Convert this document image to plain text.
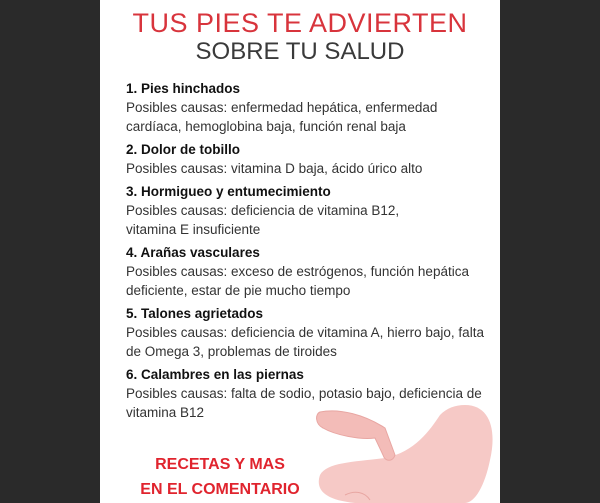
TUS PIES TE ADVIERTEN
SOBRE TU SALUD
1. Pies hinchados

Posibles causas: enfermedad hepática, enfermedad cardíaca, hemoglobina baja, función renal baja

2. Dolor de tobillo

Posibles causas: vitamina D baja, ácido úrico alto

3. Hormigueo y entumecimiento

Posibles causas: deficiencia de vitamina B12, vitamina E insuficiente

4. Arañas vasculares

Posibles causas: exceso de estrógenos, función hepática deficiente, estar de pie mucho tiempo

5. Talones agrietados

Posibles causas: deficiencia de vitamina A, hierro bajo, falta de Omega 3, problemas de tiroides

6. Calambres en las piernas

Posibles causas: falta de sodio, potasio bajo, deficiencia de vitamina B12

RECETAS Y MAS
EN EL COMENTARIO
